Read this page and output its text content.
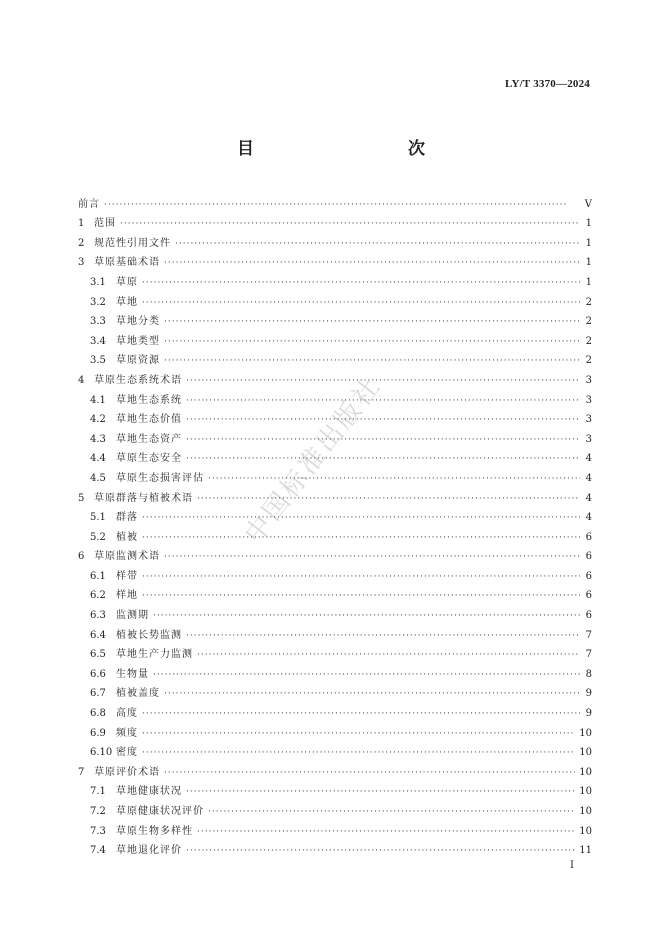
LY/T 3370—2024
目　　次
前言 ·····	V
1 范围 ·····	1
2 规范性引用文件 ·····	1
3 草原基础术语 ·····	1
3.1	草原 ·····	1
3.2	草地 ·····	2
3.3	草地分类 ·····	2
3.4	草地类型 ·····	2
3.5	草原资源 ·····	2
4 草原生态系统术语 ·····	3
4.1	草地生态系统 ·····	3
4.2	草地生态价值 ·····	3
4.3	草地生态资产 ·····	3
4.4	草原生态安全 ·····	4
4.5	草原生态损害评估 ·····	4
5 草原群落与植被术语 ·····	4
5.1	群落 ·····	4
5.2	植被 ·····	6
6 草原监测术语 ·····	6
6.1	样带 ·····	6
6.2	样地 ·····	6
6.3	监测期 ·····	6
6.4	植被长势监测 ·····	7
6.5	草地生产力监测 ·····	7
6.6	生物量 ·····	8
6.7	植被盖度 ·····	9
6.8	高度 ·····	9
6.9	频度 ·····	10
6.10 密度 ·····	10
7 草原评价术语 ·····	10
7.1	草地健康状况 ·····	10
7.2	草原健康状况评价 ·····	10
7.3	草原生物多样性 ·····	10
7.4	草地退化评价 ·····	11
中国标准出版社
I
